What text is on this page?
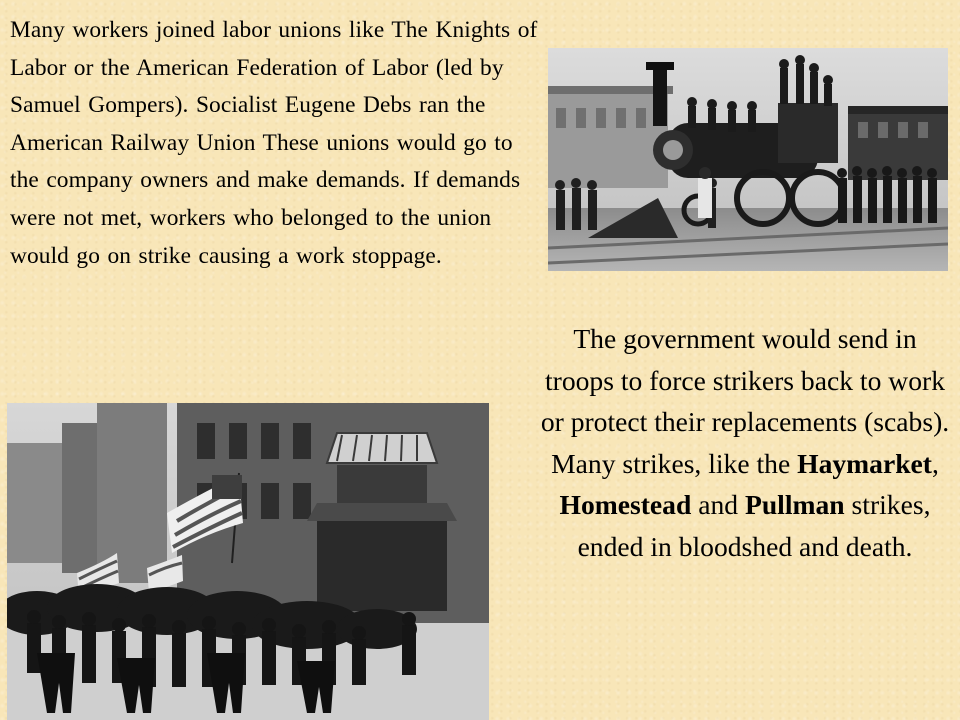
Many workers joined labor unions like The Knights of Labor or the American Federation of Labor (led by Samuel Gompers). Socialist Eugene Debs ran the American Railway Union These unions would go to the company owners and make demands. If demands were not met, workers who belonged to the union would go on strike causing a work stoppage.

The government would send in troops to force strikers back to work or protect their replacements (scabs). Many strikes, like the Haymarket, Homestead and Pullman strikes, ended in bloodshed and death.
